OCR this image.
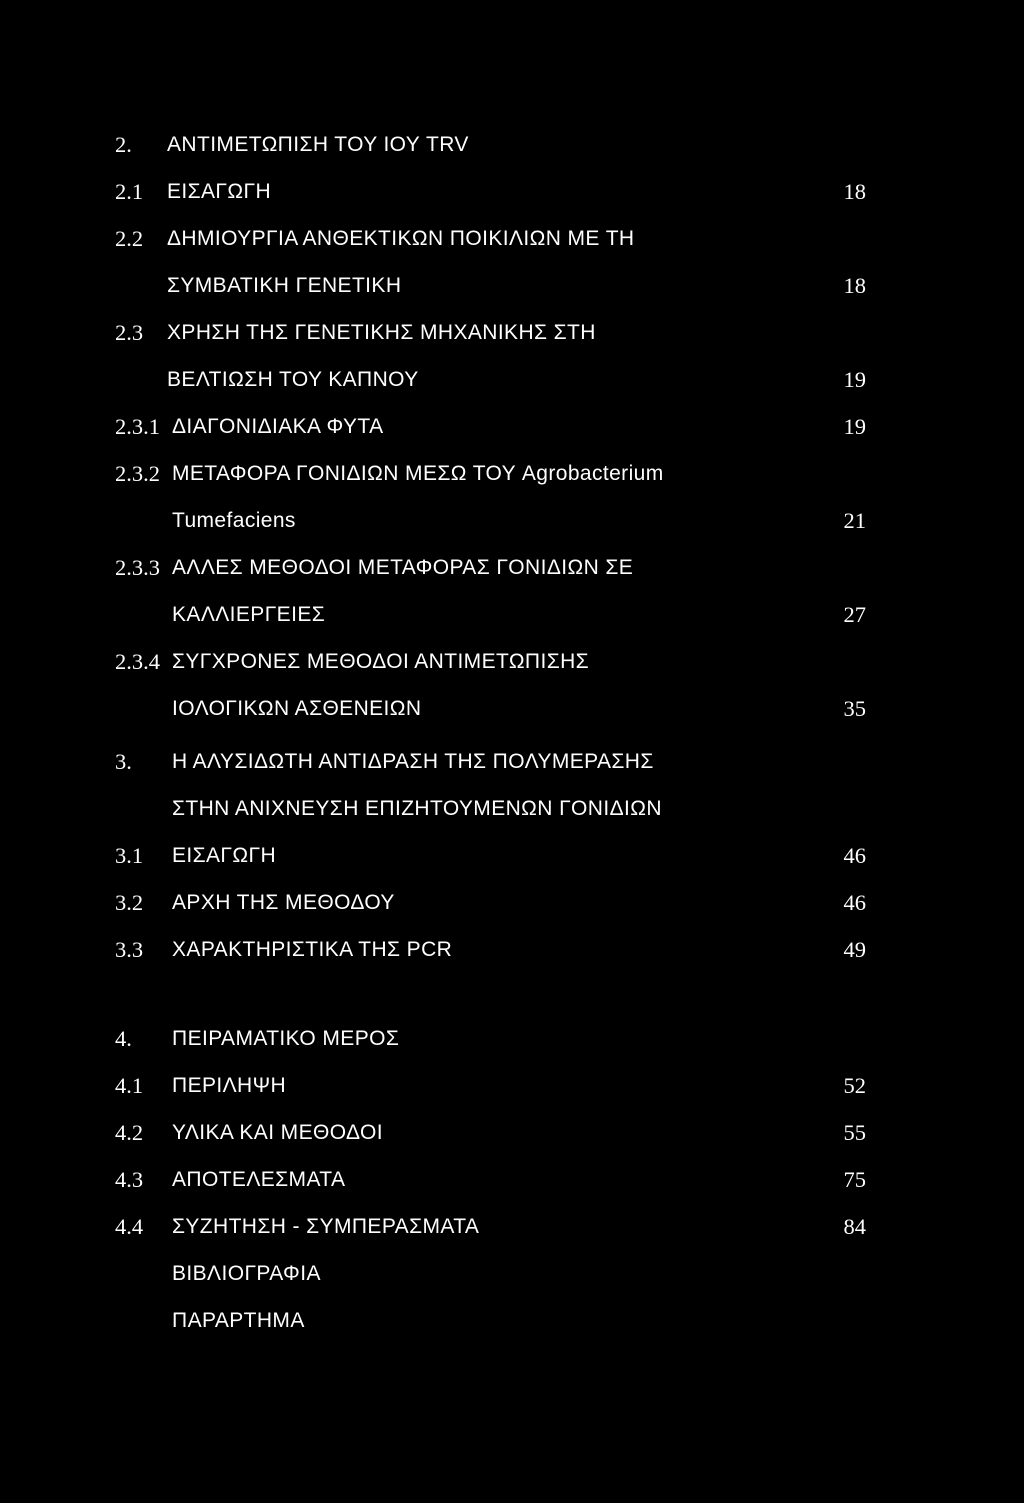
2. ΑΝΤΙΜΕΤΩΠΙΣΗ ΤΟΥ ΙΟΥ TRV
2.1 ΕΙΣΑΓΩΓΗ	18
2.2 ΔΗΜΙΟΥΡΓΙΑ ΑΝΘΕΚΤΙΚΩΝ ΠΟΙΚΙΛΙΩΝ ΜΕ ΤΗ
ΣΥΜΒΑΤΙΚΗ ΓΕΝΕΤΙΚΗ	18
2.3 ΧΡΗΣΗ ΤΗΣ ΓΕΝΕΤΙΚΗΣ ΜΗΧΑΝΙΚΗΣ ΣΤΗ
ΒΕΛΤΙΩΣΗ ΤΟΥ ΚΑΠΝΟΥ	19
2.3.1 ΔΙΑΓΟΝΙΔΙΑΚΑ ΦΥΤΑ	19
2.3.2 ΜΕΤΑΦΟΡΑ ΓΟΝΙΔΙΩΝ ΜΕΣΩ ΤΟΥ Agrobacterium
Tumefaciens	21
2.3.3 ΑΛΛΕΣ ΜΕΘΟΔΟΙ ΜΕΤΑΦΟΡΑΣ ΓΟΝΙΔΙΩΝ ΣΕ
ΚΑΛΛΙΕΡΓΕΙΕΣ	27
2.3.4 ΣΥΓΧΡΟΝΕΣ ΜΕΘΟΔΟΙ ΑΝΤΙΜΕΤΩΠΙΣΗΣ
ΙΟΛΟΓΙΚΩΝ ΑΣΘΕΝΕΙΩΝ	35
3. Η ΑΛΥΣΙΔΩΤΗ ΑΝΤΙΔΡΑΣΗ ΤΗΣ ΠΟΛΥΜΕΡΑΣΗΣ
ΣΤΗΝ ΑΝΙΧΝΕΥΣΗ ΕΠΙΖΗΤΟΥΜΕΝΩΝ ΓΟΝΙΔΙΩΝ
3.1 ΕΙΣΑΓΩΓΗ	46
3.2 ΑΡΧΗ ΤΗΣ ΜΕΘΟΔΟΥ	46
3.3 ΧΑΡΑΚΤΗΡΙΣΤΙΚΑ ΤΗΣ PCR	49
4. ΠΕΙΡΑΜΑΤΙΚΟ ΜΕΡΟΣ
4.1 ΠΕΡΙΛΗΨΗ	52
4.2 ΥΛΙΚΑ ΚΑΙ ΜΕΘΟΔΟΙ	55
4.3 ΑΠΟΤΕΛΕΣΜΑΤΑ	75
4.4 ΣΥΖΗΤΗΣΗ - ΣΥΜΠΕΡΑΣΜΑΤΑ	84
ΒΙΒΛΙΟΓΡΑΦΙΑ
ΠΑΡΑΡΤΗΜΑ
